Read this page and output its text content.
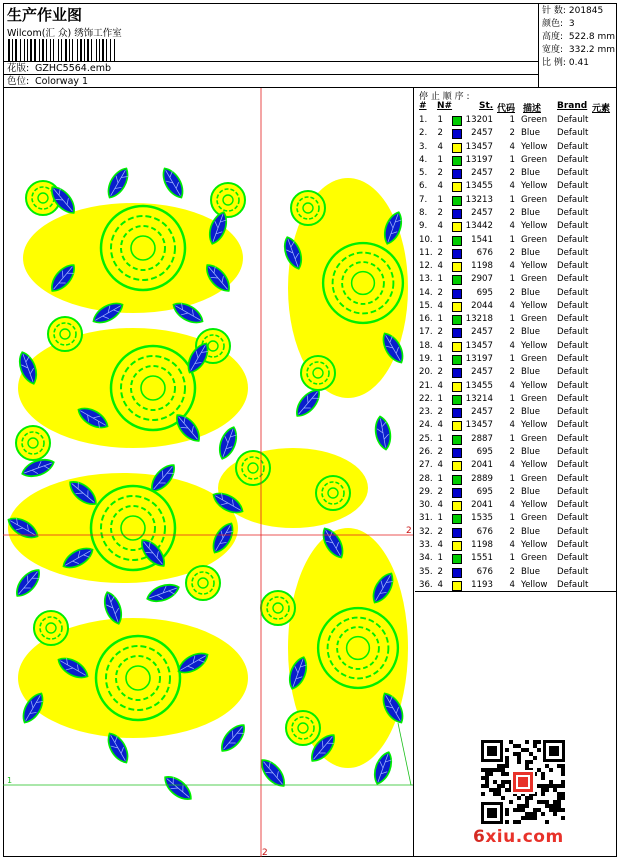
生产作业图
Wilcom(汇 众) 绣饰工作室
花版: GZHC5564.emb
色位: Colorway 1
针 数: 201845
颜色: 3
高度: 522.8 mm
宽度: 332.2 mm
比 例: 0.41
2
2
1
停 止 顺 序 :
# N#	St. 代码 描述 Brand 元素
1.	1	13201	1 Green Default
2.	2	2457	2 Blue Default
3.	4	13457	4 Yellow Default
4.	1	13197	1 Green Default
5.	2	2457	2 Blue Default
6.	4	13455	4 Yellow Default
7.	1	13213	1 Green Default
8.	2	2457	2 Blue Default
9.	4	13442	4 Yellow Default
10. 1	1541	1 Green Default
11. 2	676	2 Blue Default
12. 4	1198	4 Yellow Default
13. 1	2907	1 Green Default
14. 2	695	2 Blue Default
15. 4	2044	4 Yellow Default
16. 1	13218	1 Green Default
17. 2	2457	2 Blue Default
18. 4	13457	4 Yellow Default
19. 1	13197	1 Green Default
20. 2	2457	2 Blue Default
21. 4	13455	4 Yellow Default
22. 1	13214	1 Green Default
23. 2	2457	2 Blue Default
24. 4	13457	4 Yellow Default
25. 1	2887	1 Green Default
26. 2	695	2 Blue Default
27. 4	2041	4 Yellow Default
28. 1	2889	1 Green Default
29. 2	695	2 Blue Default
30. 4	2041	4 Yellow Default
31. 1	1535	1 Green Default
32. 2	676	2 Blue Default
33. 4	1198	4 Yellow Default
34. 1	1551	1 Green Default
35. 2	676	2 Blue Default
36. 4	1193	4 Yellow Default
6xiu.com
